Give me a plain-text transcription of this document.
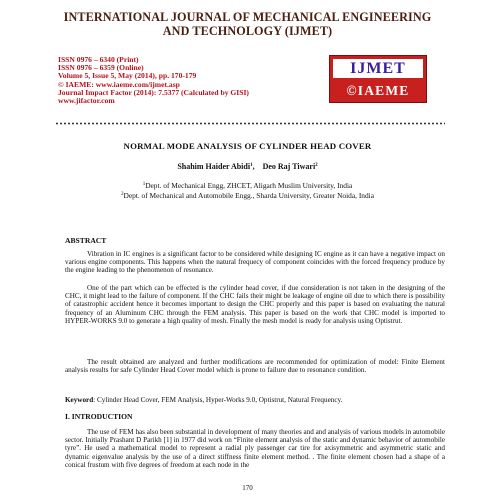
INTERNATIONAL JOURNAL OF MECHANICAL ENGINEERING
AND TECHNOLOGY (IJMET)
ISSN 0976 – 6340 (Print)
ISSN 0976 – 6359 (Online)
Volume 5, Issue 5, May (2014), pp. 170-179
© IAEME: www.iaeme.com/ijmet.asp
Journal Impact Factor (2014): 7.5377 (Calculated by GISI)
www.jifactor.com
IJMET
©IAEME
NORMAL MODE ANALYSIS OF CYLINDER HEAD COVER
Shahim Haider Abidi$^1$, Deo Raj Tiwari$^2$
$^1$Dept. of Mechanical Engg, ZHCET, Aligarh Muslim University, India
$^2$Dept. of Mechanical and Automobile Engg., Sharda University, Greater Noida, India
ABSTRACT
Vibration in IC engines is a significant factor to be considered while designing IC engine as it can have a negative impact on various engine components. This happens when the natural frequecy of component coincides with the forced frequency produce by the engine leading to the phenomenon of resonance.
One of the part which can be effected is the cylinder head cover, if due consideration is not taken in the designing of the CHC, it might lead to the failure of component. If the CHC fails their might be leakage of engine oil due to which there is possibility of catastrophic accident hence it becomes important to design the CHC properly and this paper is based on evaluating the natural frequency of an Aluminum CHC through the FEM analysis. This paper is based on the work that CHC model is imported to HYPER-WORKS 9.0 to generate a high quality of mesh. Finally the mesh model is ready for analysis using Optistrut.
The result obtained are analyzed and further modifications are recommended for optimization of model: Finite Element analysis results for safe Cylinder Head Cover model which is prone to failure due to resonance condition.
Keyword: Cylinder Head Cover, FEM Analysis, Hyper-Works 9.0, Optistrut, Natural Frequency.
I. INTRODUCTION
The use of FEM has also been substantial in development of many theories and and analysis of various models in automobile sector. Initially Prashant D Parikh [1] in 1977 did work on “Finite element analysis of the static and dynamic behavior of automobile tyre”. He used a mathematical model to represent a radial ply passenger car tire for axisymmetric and asymmetric static and dynamic eigenvalue analysis by the use of a direct stiffness finite element method. . The finite element chosen had a shape of a conical frustum with five degrees of freedom at each node in the
170
